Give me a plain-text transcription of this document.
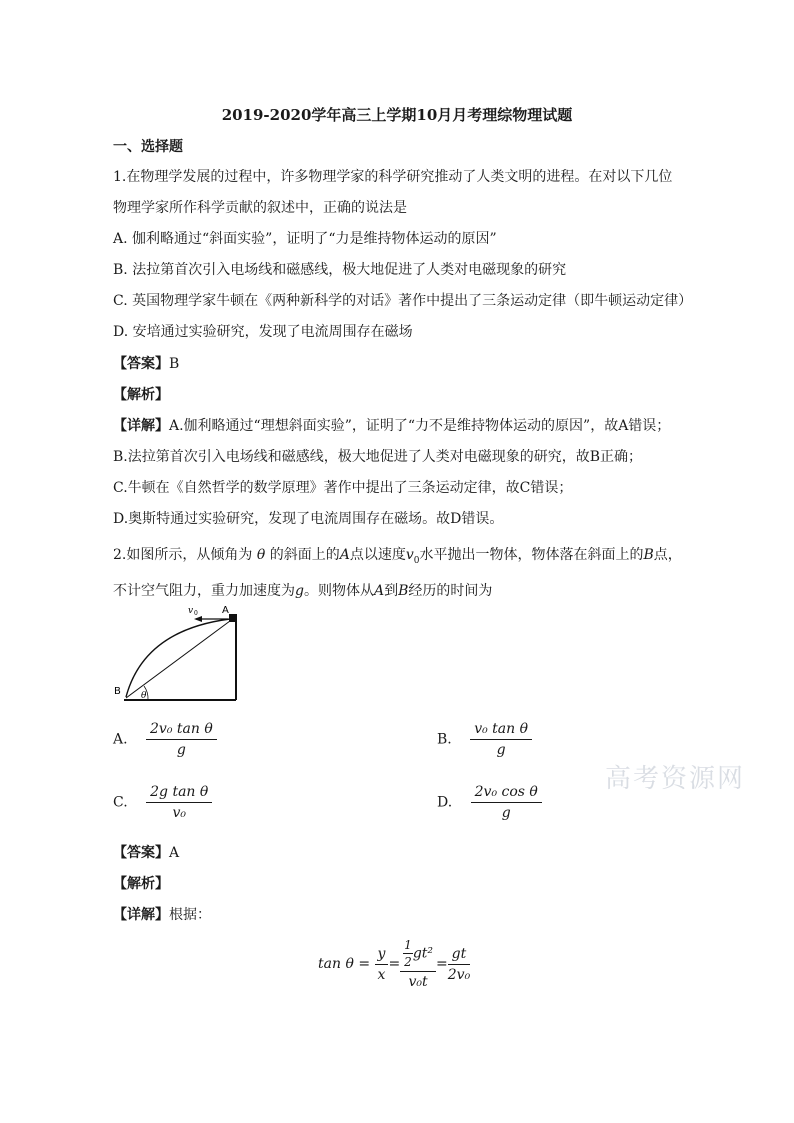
2019-2020学年高三上学期10月月考理综物理试题
一、选择题
1.在物理学发展的过程中，许多物理学家的科学研究推动了人类文明的进程。在对以下几位
物理学家所作科学贡献的叙述中，正确的说法是
A. 伽利略通过“斜面实验”，证明了“力是维持物体运动的原因”
B. 法拉第首次引入电场线和磁感线，极大地促进了人类对电磁现象的研究
C. 英国物理学家牛顿在《两种新科学的对话》著作中提出了三条运动定律（即牛顿运动定律）
D. 安培通过实验研究，发现了电流周围存在磁场
【答案】B
【解析】
【详解】A.伽利略通过“理想斜面实验”，证明了“力不是维持物体运动的原因”，故A错误；
B.法拉第首次引入电场线和磁感线，极大地促进了人类对电磁现象的研究，故B正确；
C.牛顿在《自然哲学的数学原理》著作中提出了三条运动定律，故C错误；
D.奥斯特通过实验研究，发现了电流周围存在磁场。故D错误。
2.如图所示，从倾角为 θ 的斜面上的A点以速度$v_0$水平抛出一物体，物体落在斜面上的B点，
不计空气阻力，重力加速度为g。则物体从A到B经历的时间为
v 0 A
B θ
A. $\frac{\text{2v₀ tan θ}}{g}$	B. $\frac{\text{v₀ tan θ}}{g}$
C. $\frac{\text{2g tan θ}}{\text{v₀}}$	D. $\frac{\text{2v₀ cos θ}}{g}$
高考资源网
【答案】A
【解析】
【详解】根据：
$\tan \theta = \frac{y}{x} = \frac{\frac{1}{2} gt^2}{\text{v₀t}} = \frac{gt}{\text{2v₀}}$
